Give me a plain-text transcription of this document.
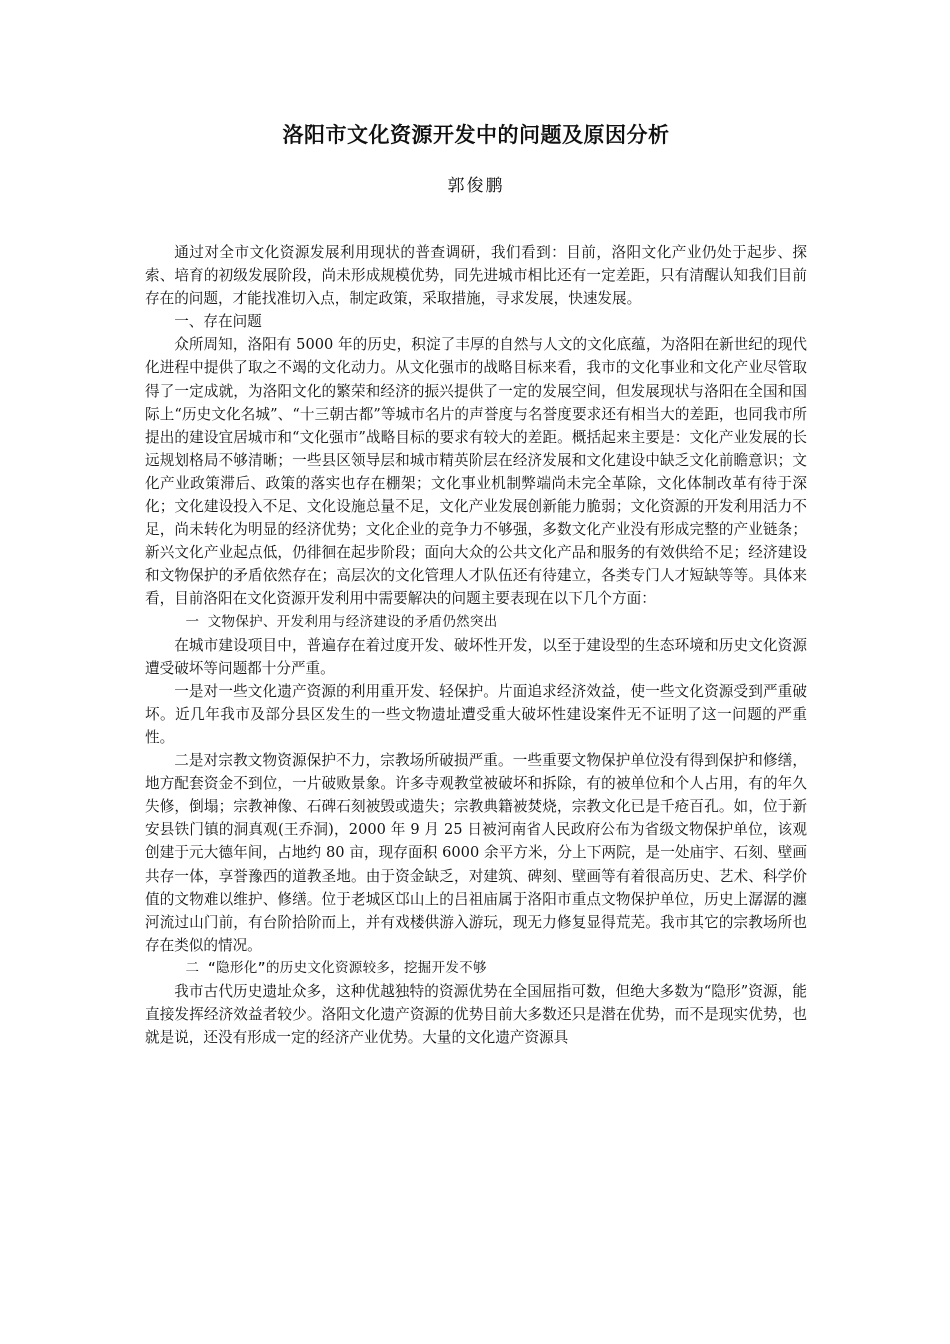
洛阳市文化资源开发中的问题及原因分析
郭俊鹏

通过对全市文化资源发展利用现状的普查调研，我们看到：目前，洛阳文化产业仍处于起步、探索、培育的初级发展阶段，尚未形成规模优势，同先进城市相比还有一定差距，只有清醒认知我们目前存在的问题，才能找准切入点，制定政策，采取措施，寻求发展，快速发展。

一、存在问题

众所周知，洛阳有 5000 年的历史，积淀了丰厚的自然与人文的文化底蕴，为洛阳在新世纪的现代化进程中提供了取之不竭的文化动力。从文化强市的战略目标来看，我市的文化事业和文化产业尽管取得了一定成就，为洛阳文化的繁荣和经济的振兴提供了一定的发展空间，但发展现状与洛阳在全国和国际上“历史文化名城”、“十三朝古都”等城市名片的声誉度与名誉度要求还有相当大的差距，也同我市所提出的建设宜居城市和“文化强市”战略目标的要求有较大的差距。概括起来主要是：文化产业发展的长远规划格局不够清晰；一些县区领导层和城市精英阶层在经济发展和文化建设中缺乏文化前瞻意识；文化产业政策滞后、政策的落实也存在棚架；文化事业机制弊端尚未完全革除，文化体制改革有待于深化；文化建设投入不足、文化设施总量不足，文化产业发展创新能力脆弱；文化资源的开发利用活力不足，尚未转化为明显的经济优势；文化企业的竞争力不够强，多数文化产业没有形成完整的产业链条；新兴文化产业起点低，仍徘徊在起步阶段；面向大众的公共文化产品和服务的有效供给不足；经济建设和文物保护的矛盾依然存在；高层次的文化管理人才队伍还有待建立，各类专门人才短缺等等。具体来看，目前洛阳在文化资源开发利用中需要解决的问题主要表现在以下几个方面：

一 文物保护、开发利用与经济建设的矛盾仍然突出

在城市建设项目中，普遍存在着过度开发、破坏性开发，以至于建设型的生态环境和历史文化资源遭受破坏等问题都十分严重。

一是对一些文化遗产资源的利用重开发、轻保护。片面追求经济效益，使一些文化资源受到严重破坏。近几年我市及部分县区发生的一些文物遗址遭受重大破坏性建设案件无不证明了这一问题的严重性。

二是对宗教文物资源保护不力，宗教场所破损严重。一些重要文物保护单位没有得到保护和修缮，地方配套资金不到位，一片破败景象。许多寺观教堂被破坏和拆除，有的被单位和个人占用，有的年久失修，倒塌；宗教神像、石碑石刻被毁或遗失；宗教典籍被焚烧，宗教文化已是千疮百孔。如，位于新安县铁门镇的洞真观(王乔洞)，2000 年 9 月 25 日被河南省人民政府公布为省级文物保护单位，该观创建于元大德年间，占地约 80 亩，现存面积 6000 余平方米，分上下两院，是一处庙宇、石刻、壁画共存一体，享誉豫西的道教圣地。由于资金缺乏，对建筑、碑刻、壁画等有着很高历史、艺术、科学价值的文物难以维护、修缮。位于老城区邙山上的吕祖庙属于洛阳市重点文物保护单位，历史上潺潺的瀍河流过山门前，有台阶拾阶而上，并有戏楼供游入游玩，现无力修复显得荒芜。我市其它的宗教场所也存在类似的情况。

二 “隐形化”的历史文化资源较多，挖掘开发不够

我市古代历史遗址众多，这种优越独特的资源优势在全国屈指可数，但绝大多数为“隐形”资源，能直接发挥经济效益者较少。洛阳文化遗产资源的优势目前大多数还只是潜在优势，而不是现实优势，也就是说，还没有形成一定的经济产业优势。大量的文化遗产资源具
